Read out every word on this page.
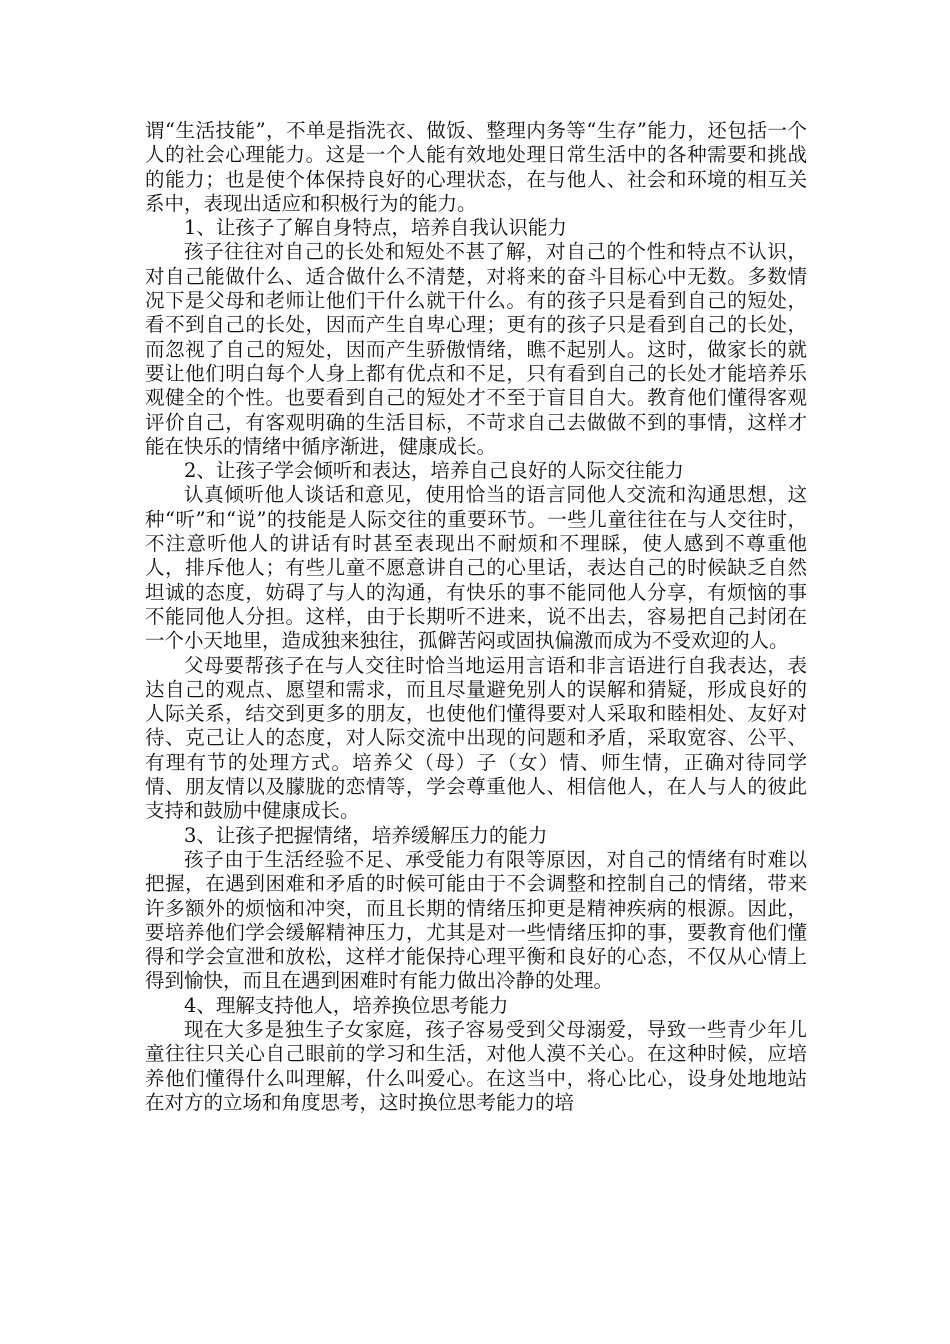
谓“生活技能”，不单是指洗衣、做饭、整理内务等“生存”能力，还包括一个人的社会心理能力。这是一个人能有效地处理日常生活中的各种需要和挑战的能力；也是使个体保持良好的心理状态，在与他人、社会和环境的相互关系中，表现出适应和积极行为的能力。

1、让孩子了解自身特点，培养自我认识能力

孩子往往对自己的长处和短处不甚了解，对自己的个性和特点不认识，对自己能做什么、适合做什么不清楚，对将来的奋斗目标心中无数。多数情况下是父母和老师让他们干什么就干什么。有的孩子只是看到自己的短处，看不到自己的长处，因而产生自卑心理；更有的孩子只是看到自己的长处，而忽视了自己的短处，因而产生骄傲情绪，瞧不起别人。这时，做家长的就要让他们明白每个人身上都有优点和不足，只有看到自己的长处才能培养乐观健全的个性。也要看到自己的短处才不至于盲目自大。教育他们懂得客观评价自己，有客观明确的生活目标，不苛求自己去做做不到的事情，这样才能在快乐的情绪中循序渐进，健康成长。

2、让孩子学会倾听和表达，培养自己良好的人际交往能力

认真倾听他人谈话和意见，使用恰当的语言同他人交流和沟通思想，这种“听”和“说”的技能是人际交往的重要环节。一些儿童往往在与人交往时，不注意听他人的讲话有时甚至表现出不耐烦和不理睬，使人感到不尊重他人，排斥他人；有些儿童不愿意讲自己的心里话，表达自己的时候缺乏自然坦诚的态度，妨碍了与人的沟通，有快乐的事不能同他人分享，有烦恼的事不能同他人分担。这样，由于长期听不进来，说不出去，容易把自己封闭在一个小天地里，造成独来独往，孤僻苦闷或固执偏激而成为不受欢迎的人。

父母要帮孩子在与人交往时恰当地运用言语和非言语进行自我表达，表达自己的观点、愿望和需求，而且尽量避免别人的误解和猜疑，形成良好的人际关系，结交到更多的朋友，也使他们懂得要对人采取和睦相处、友好对待、克己让人的态度，对人际交流中出现的问题和矛盾，采取宽容、公平、有理有节的处理方式。培养父（母）子（女）情、师生情，正确对待同学情、朋友情以及朦胧的恋情等，学会尊重他人、相信他人，在人与人的彼此支持和鼓励中健康成长。

3、让孩子把握情绪，培养缓解压力的能力

孩子由于生活经验不足、承受能力有限等原因，对自己的情绪有时难以把握，在遇到困难和矛盾的时候可能由于不会调整和控制自己的情绪，带来许多额外的烦恼和冲突，而且长期的情绪压抑更是精神疾病的根源。因此，要培养他们学会缓解精神压力，尤其是对一些情绪压抑的事，要教育他们懂得和学会宣泄和放松，这样才能保持心理平衡和良好的心态，不仅从心情上得到愉快，而且在遇到困难时有能力做出冷静的处理。

4、理解支持他人，培养换位思考能力

现在大多是独生子女家庭，孩子容易受到父母溺爱，导致一些青少年儿童往往只关心自己眼前的学习和生活，对他人漠不关心。在这种时候，应培养他们懂得什么叫理解，什么叫爱心。在这当中，将心比心，设身处地地站在对方的立场和角度思考，这时换位思考能力的培
